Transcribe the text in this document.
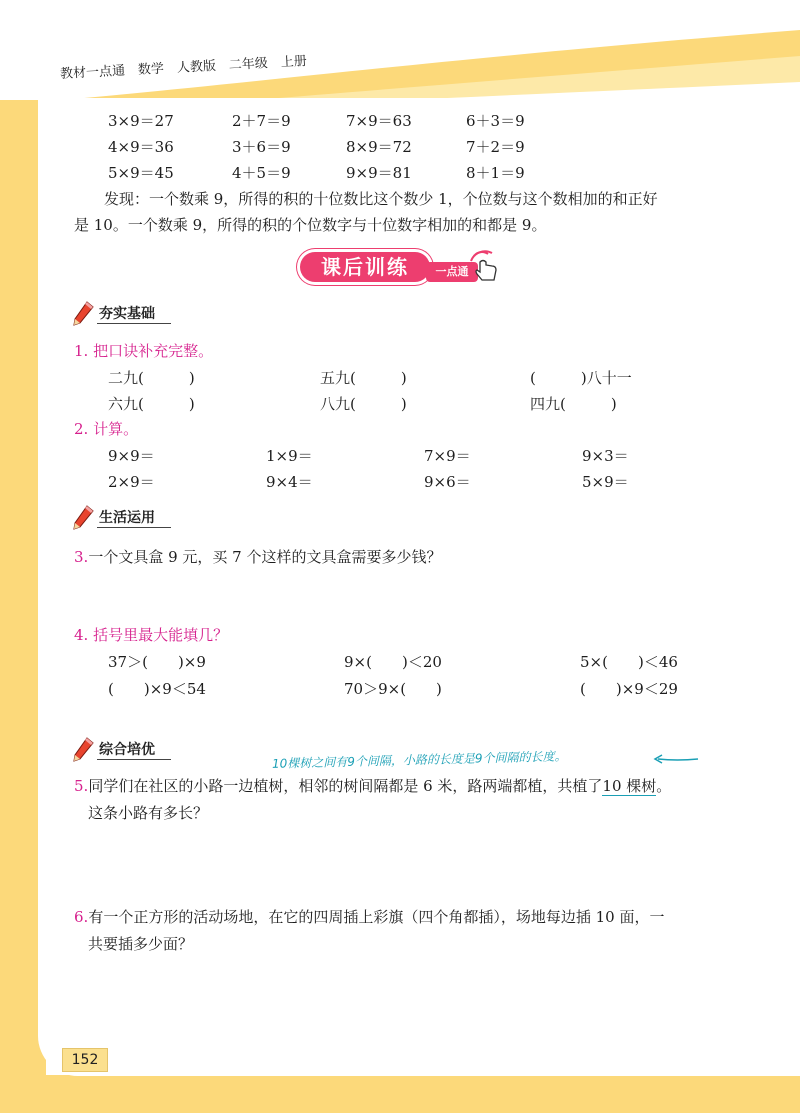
教材一点通　数学　人教版　二年级　上册
3×9＝27	2＋7＝9	7×9＝63	6＋3＝9
4×9＝36	3＋6＝9	8×9＝72	7＋2＝9
5×9＝45	4＋5＝9	9×9＝81	8＋1＝9
发现：一个数乘 9，所得的积的十位数比这个数少 1，个位数与这个数相加的和正好
是 10。一个数乘 9，所得的积的个位数字与十位数字相加的和都是 9。
课后训练	一点通
夯实基础
1. 把口诀补充完整。
二九(　　　)	五九(　　　)	(　　　)八十一
六九(　　　)	八九(　　　)	四九(　　　)
2. 计算。
9×9＝	1×9＝	7×9＝	9×3＝
2×9＝	9×4＝	9×6＝	5×9＝
生活运用
3.一个文具盒 9 元，买 7 个这样的文具盒需要多少钱？
4. 括号里最大能填几？
37＞(　　)×9	9×(　　)＜20	5×(　　)＜46
(　　)×9＜54	70＞9×(　　)	(　　)×9＜29
综合培优	10棵树之间有9个间隔，小路的长度是9个间隔的长度。
5.同学们在社区的小路一边植树，相邻的树间隔都是 6 米，路两端都植，共植了10 棵树。
这条小路有多长？
6.有一个正方形的活动场地，在它的四周插上彩旗（四个角都插），场地每边插 10 面，一
共要插多少面？
152
